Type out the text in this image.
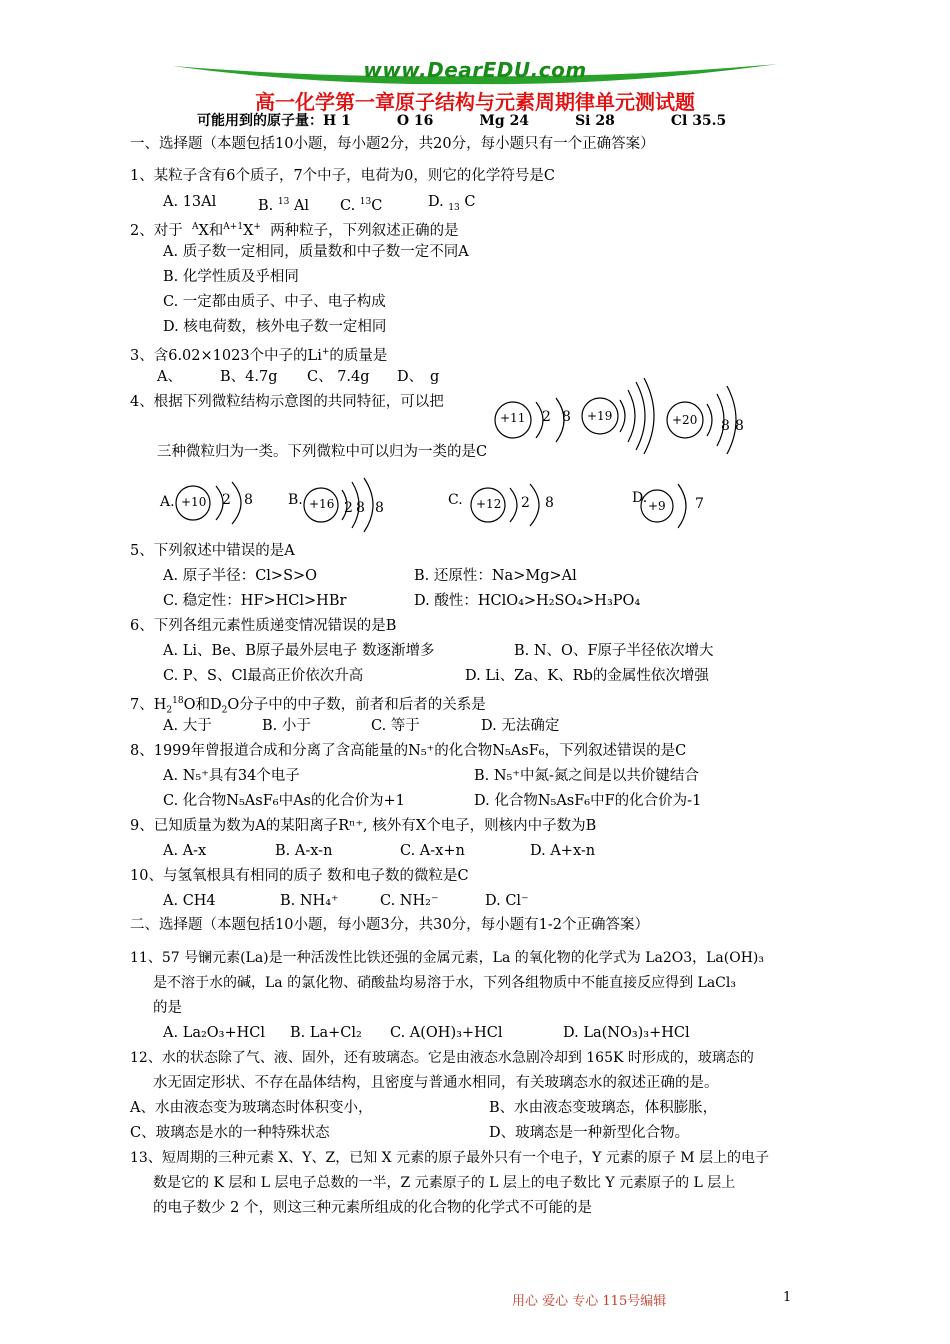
www.DearEDU.com
高一化学第一章原子结构与元素周期律单元测试题
可能用到的原子量：H 1	O 16	Mg 24	Si 28	Cl 35.5
一、选择题（本题包括10小题，每小题2分，共20分，每小题只有一个正确答案）
1、某粒子含有6个质子，7个中子，电荷为0，则它的化学符号是C
A. 13Al	B. $^{13}$ Al C. $^{13}$C	D. $_{13}$ C
2、对于 $^A$X和$^{A+1}$X+ 两种粒子，下列叙述正确的是
A. 质子数一定相同，质量数和中子数一定不同A
B. 化学性质及乎相同
C. 一定都由质子、中子、电子构成
D. 核电荷数，核外电子数一定相同
3、含6.02×1023个中子的Li+的质量是
A、	B、4.7g C、 7.4g D、 g
4、根据下列微粒结构示意图的共同特征，可以把
+11 2 8 +19	+20 8 8
三种微粒归为一类。下列微粒中可以归为一类的是C
A. +10 2 8	B. +16 2 8 8	C. +12 2 8	D. +9 7
5、下列叙述中错误的是A
A. 原子半径：Cl>S>O	B. 还原性：Na>Mg>Al
C. 稳定性：HF>HCl>HBr	D. 酸性：HClO₄>H₂SO₄>H₃PO₄
6、下列各组元素性质递变情况错误的是B
A. Li、Be、B原子最外层电子 数逐渐增多	B. N、O、F原子半径依次增大
C. P、S、Cl最高正价依次升高	D. Li、Za、K、Rb的金属性依次增强
7、$H_2^{18}O$和$D_2O$分子中的中子数，前者和后者的关系是
A. 大于	B. 小于	C. 等于	D. 无法确定
8、1999年曾报道合成和分离了含高能量的N₅⁺的化合物N₅AsF₆，下列叙述错误的是C
A. N₅⁺具有34个电子	B. N₅⁺中氮-氮之间是以共价键结合
C. 化合物N₅AsF₆中As的化合价为+1	D. 化合物N₅AsF₆中F的化合价为-1
9、已知质量为数为A的某阳离子Rⁿ⁺, 核外有X个电子，则核内中子数为B
A. A-x	B. A-x-n	C. A-x+n	D. A+x-n
10、与氢氧根具有相同的质子 数和电子数的微粒是C
A. CH4	B. NH₄⁺	C. NH₂⁻	D. Cl⁻
二、选择题（本题包括10小题，每小题3分，共30分，每小题有1-2个正确答案）
11、57 号镧元素(La)是一种活泼性比铁还强的金属元素，La 的氧化物的化学式为 La2O3，La(OH)₃
是不溶于水的碱，La 的氯化物、硝酸盐均易溶于水，下列各组物质中不能直接反应得到 LaCl₃
的是
A. La₂O₃+HCl B. La+Cl₂ C. A(OH)₃+HCl	D. La(NO₃)₃+HCl
12、水的状态除了气、液、固外，还有玻璃态。它是由液态水急剧冷却到 165K 时形成的，玻璃态的
水无固定形状、不存在晶体结构，且密度与普通水相同，有关玻璃态水的叙述正确的是。
A、水由液态变为玻璃态时体积变小，	B、水由液态变玻璃态，体积膨胀，
C、玻璃态是水的一种特殊状态	D、玻璃态是一种新型化合物。
13、短周期的三种元素 X、Y、Z，已知 X 元素的原子最外只有一个电子，Y 元素的原子 M 层上的电子
数是它的 K 层和 L 层电子总数的一半，Z 元素原子的 L 层上的电子数比 Y 元素原子的 L 层上
的电子数少 2 个，则这三种元素所组成的化合物的化学式不可能的是
用心 爱心 专心 115号编辑	1
